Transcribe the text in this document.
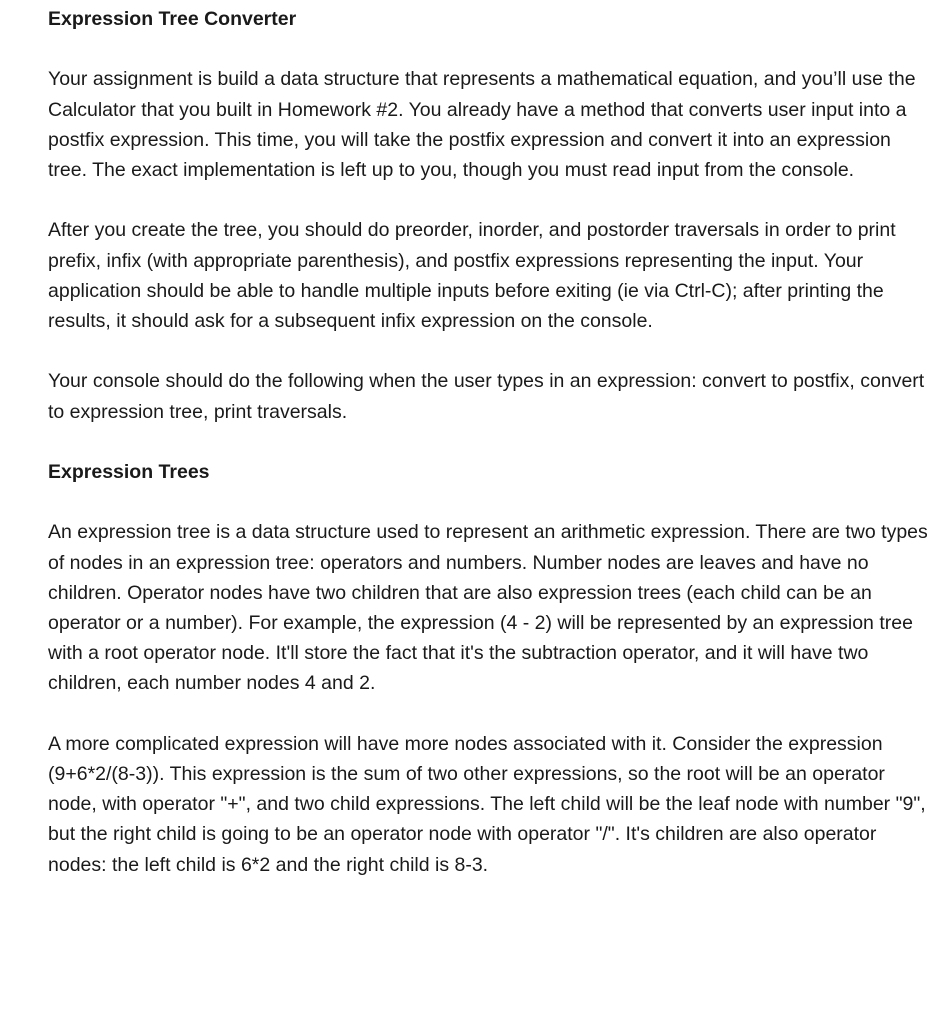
Expression Tree Converter
Your assignment is build a data structure that represents a mathematical equation, and you’ll use the Calculator that you built in Homework #2. You already have a method that converts user input into a postfix expression. This time, you will take the postfix expression and convert it into an expression tree. The exact implementation is left up to you, though you must read input from the console.
After you create the tree, you should do preorder, inorder, and postorder traversals in order to print prefix, infix (with appropriate parenthesis), and postfix expressions representing the input. Your application should be able to handle multiple inputs before exiting (ie via Ctrl-C); after printing the results, it should ask for a subsequent infix expression on the console.
Your console should do the following when the user types in an expression: convert to postfix, convert to expression tree, print traversals.
Expression Trees
An expression tree is a data structure used to represent an arithmetic expression. There are two types of nodes in an expression tree: operators and numbers. Number nodes are leaves and have no children. Operator nodes have two children that are also expression trees (each child can be an operator or a number). For example, the expression (4 - 2) will be represented by an expression tree with a root operator node. It'll store the fact that it's the subtraction operator, and it will have two children, each number nodes 4 and 2.
A more complicated expression will have more nodes associated with it. Consider the expression (9+6*2/(8-3)). This expression is the sum of two other expressions, so the root will be an operator node, with operator "+", and two child expressions. The left child will be the leaf node with number "9", but the right child is going to be an operator node with operator "/". It's children are also operator nodes: the left child is 6*2 and the right child is 8-3.
